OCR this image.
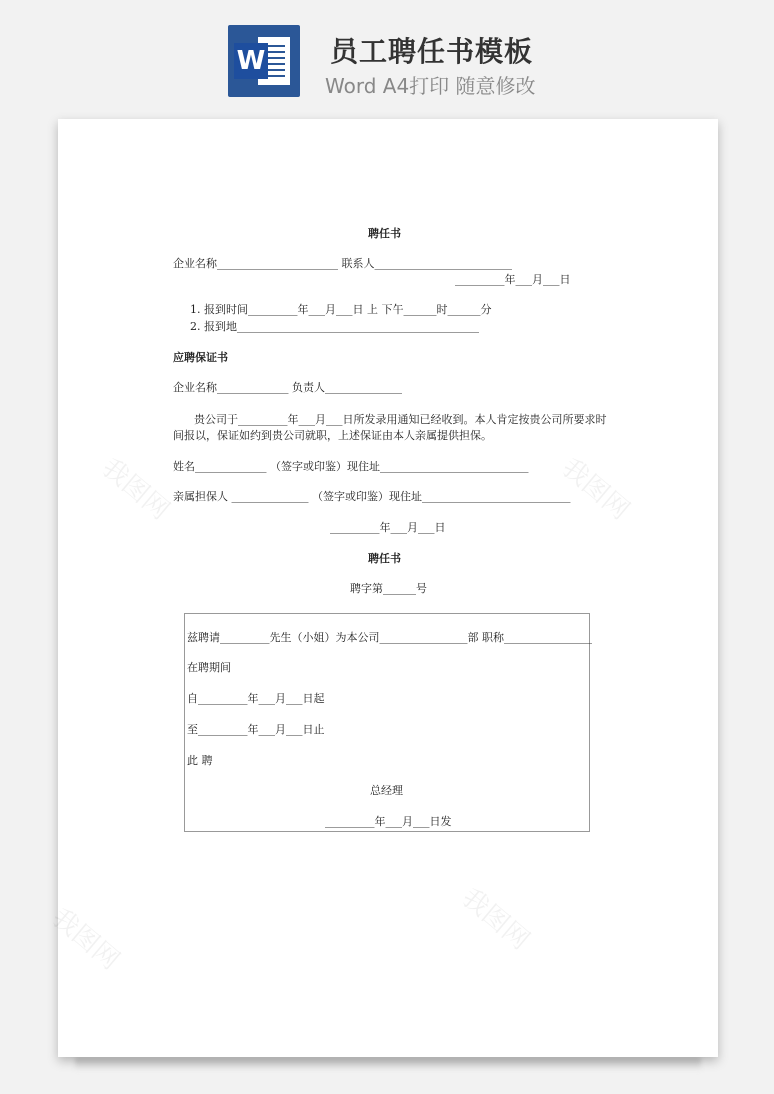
W 员工聘任书模板
Word A4打印 随意修改
我图网	我图网
我图网	我图网
聘任书
企业名称______________________ 联系人_________________________
_________年___月___日
1. 报到时间_________年___月___日 上 下午______时______分
2. 报到地____________________________________________
应聘保证书
企业名称_____________ 负责人______________
贵公司于_________年___月___日所发录用通知已经收到。本人肯定按贵公司所要求时
间报以，保证如约到贵公司就职，上述保证由本人亲属提供担保。
姓名_____________ （签字或印鉴）现住址___________________________
亲属担保人 ______________ （签字或印鉴）现住址___________________________
_________年___月___日
聘任书
聘字第______号
兹聘请_________先生（小姐）为本公司________________部 职称________________
在聘期间
自_________年___月___日起
至_________年___月___日止
此 聘
总经理
_________年___月___日发
